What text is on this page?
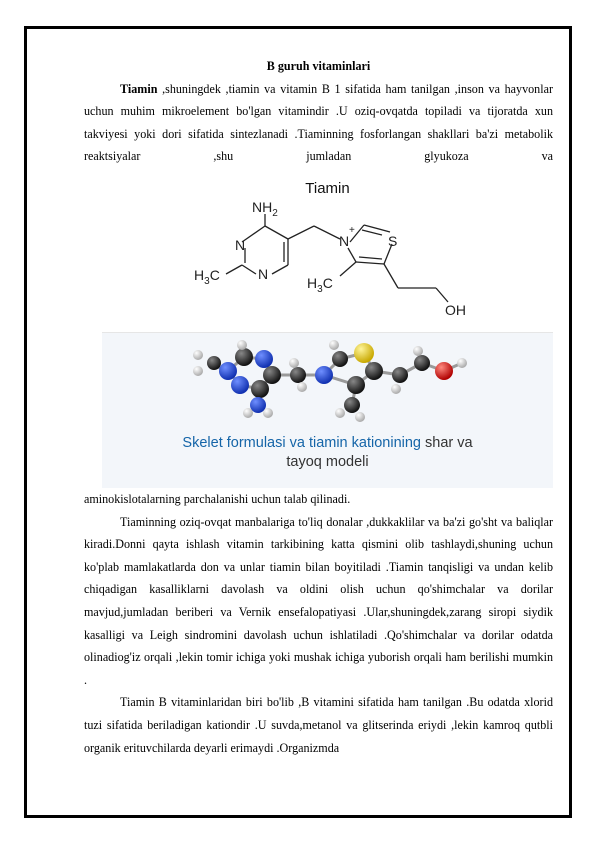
B guruh vitaminlari

Tiamin ,shuningdek ,tiamin va vitamin B 1 sifatida ham tanilgan ,inson va hayvonlar uchun muhim mikroelement bo'lgan vitamindir .U oziq-ovqatda topiladi va tijoratda xun takviyesi yoki dori sifatida sintezlanadi .Tiaminning fosforlangan shakllari ba'zi metabolik reaktsiyalar ,shu jumladan glyukoza va

Tiamin
$NH_2$
N
N
$H_3C$
N
+
S
$H_3C$
OH
Skelet formulasi va tiamin kationining shar va
tayoq modeli

aminokislotalarning parchalanishi uchun talab qilinadi.

Tiaminning oziq-ovqat manbalariga to'liq donalar ,dukkaklilar va ba'zi go'sht va baliqlar kiradi.Donni qayta ishlash vitamin tarkibining katta qismini olib tashlaydi,shuning uchun ko'plab mamlakatlarda don va unlar tiamin bilan boyitiladi .Tiamin tanqisligi va undan kelib chiqadigan kasalliklarni davolash va oldini olish uchun qo'shimchalar va dorilar mavjud,jumladan beriberi va Vernik ensefalopatiyasi .Ular,shuningdek,zarang siropi siydik kasalligi va Leigh sindromini davolash uchun ishlatiladi .Qo'shimchalar va dorilar odatda olinadiog'iz orqali ,lekin tomir ichiga yoki mushak ichiga yuborish orqali ham berilishi mumkin .

Tiamin B vitaminlaridan biri bo'lib ,B vitamini sifatida ham tanilgan .Bu odatda xlorid tuzi sifatida beriladigan kationdir .U suvda,metanol va glitserinda eriydi ,lekin kamroq qutbli organik erituvchilarda deyarli erimaydi .Organizmda
